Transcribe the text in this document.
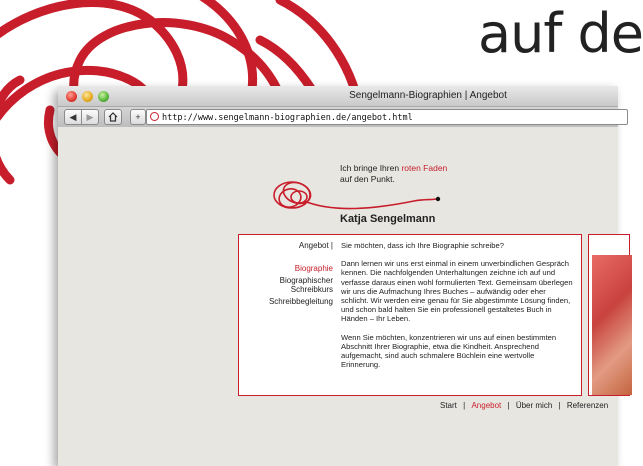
auf de
Sengelmann-Biographien | Angebot
◀	▶	+	http://www.sengelmann-biographien.de/angebot.html
Ich bringe Ihren roten Faden
auf den Punkt.
Katja Sengelmann
Angebot |
Biographie
Biographischer Schreibkurs
Schreibbegleitung

Sie möchten, dass ich Ihre Biographie schreibe?

Dann lernen wir uns erst einmal in einem unverbindlichen Gespräch kennen. Die nachfolgenden Unterhaltungen zeichne ich auf und verfasse daraus einen wohl formulierten Text. Gemeinsam überlegen wir uns die Aufmachung Ihres Buches – aufwändig oder eher schlicht. Wir werden eine genau für Sie abgestimmte Lösung finden, und schon bald halten Sie ein professionell gestaltetes Buch in Händen – Ihr Leben.

Wenn Sie möchten, konzentrieren wir uns auf einen bestimmten Abschnitt Ihrer Biographie, etwa die Kindheit. Ansprechend aufgemacht, sind auch schmalere Büchlein eine wertvolle Erinnerung.

Start | Angebot | Über mich | Referenzen
